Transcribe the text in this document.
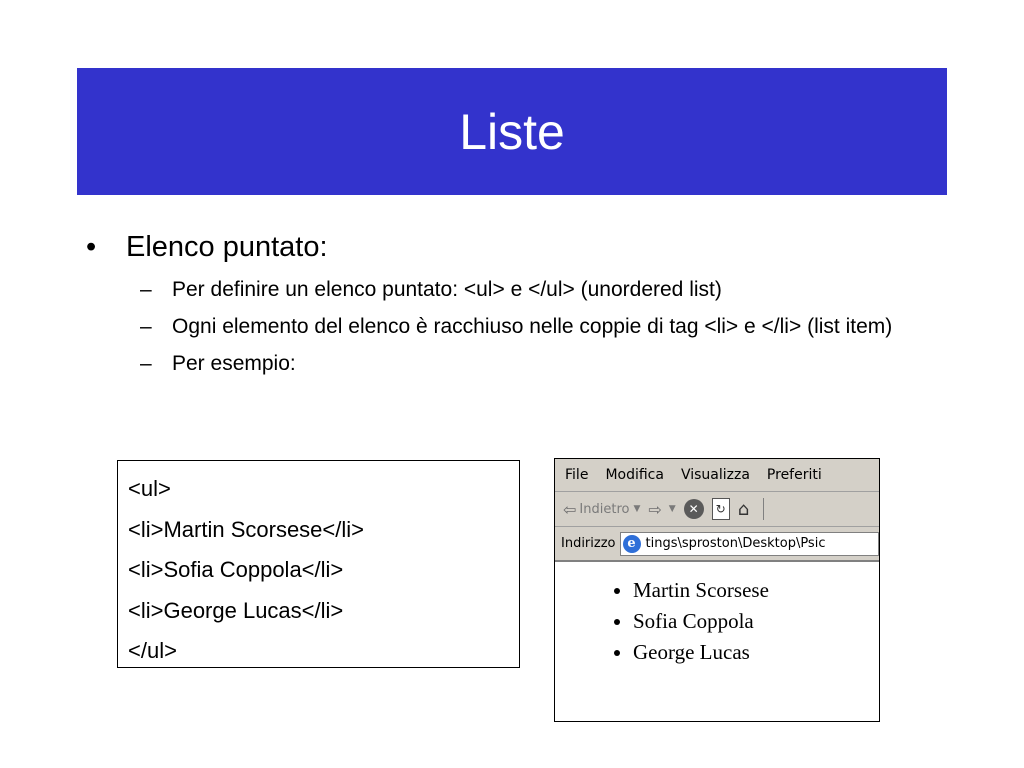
Liste
•	Elenco puntato:
– Per definire un elenco puntato: <ul> e </ul> (unordered list)
– Ogni elemento del elenco è racchiuso nelle coppie di tag <li> e </li> (list item)
– Per esempio:
<ul>
<li>Martin Scorsese</li>
<li>Sofia Coppola</li>
<li>George Lucas</li>
</ul>
File Modifica Visualizza Preferiti
⇦ Indietro ▼ ⇨ ▼	✕	↻ ⌂
Indirizzo e tings\sproston\Desktop\Psic
• Martin Scorsese
• Sofia Coppola
• George Lucas
